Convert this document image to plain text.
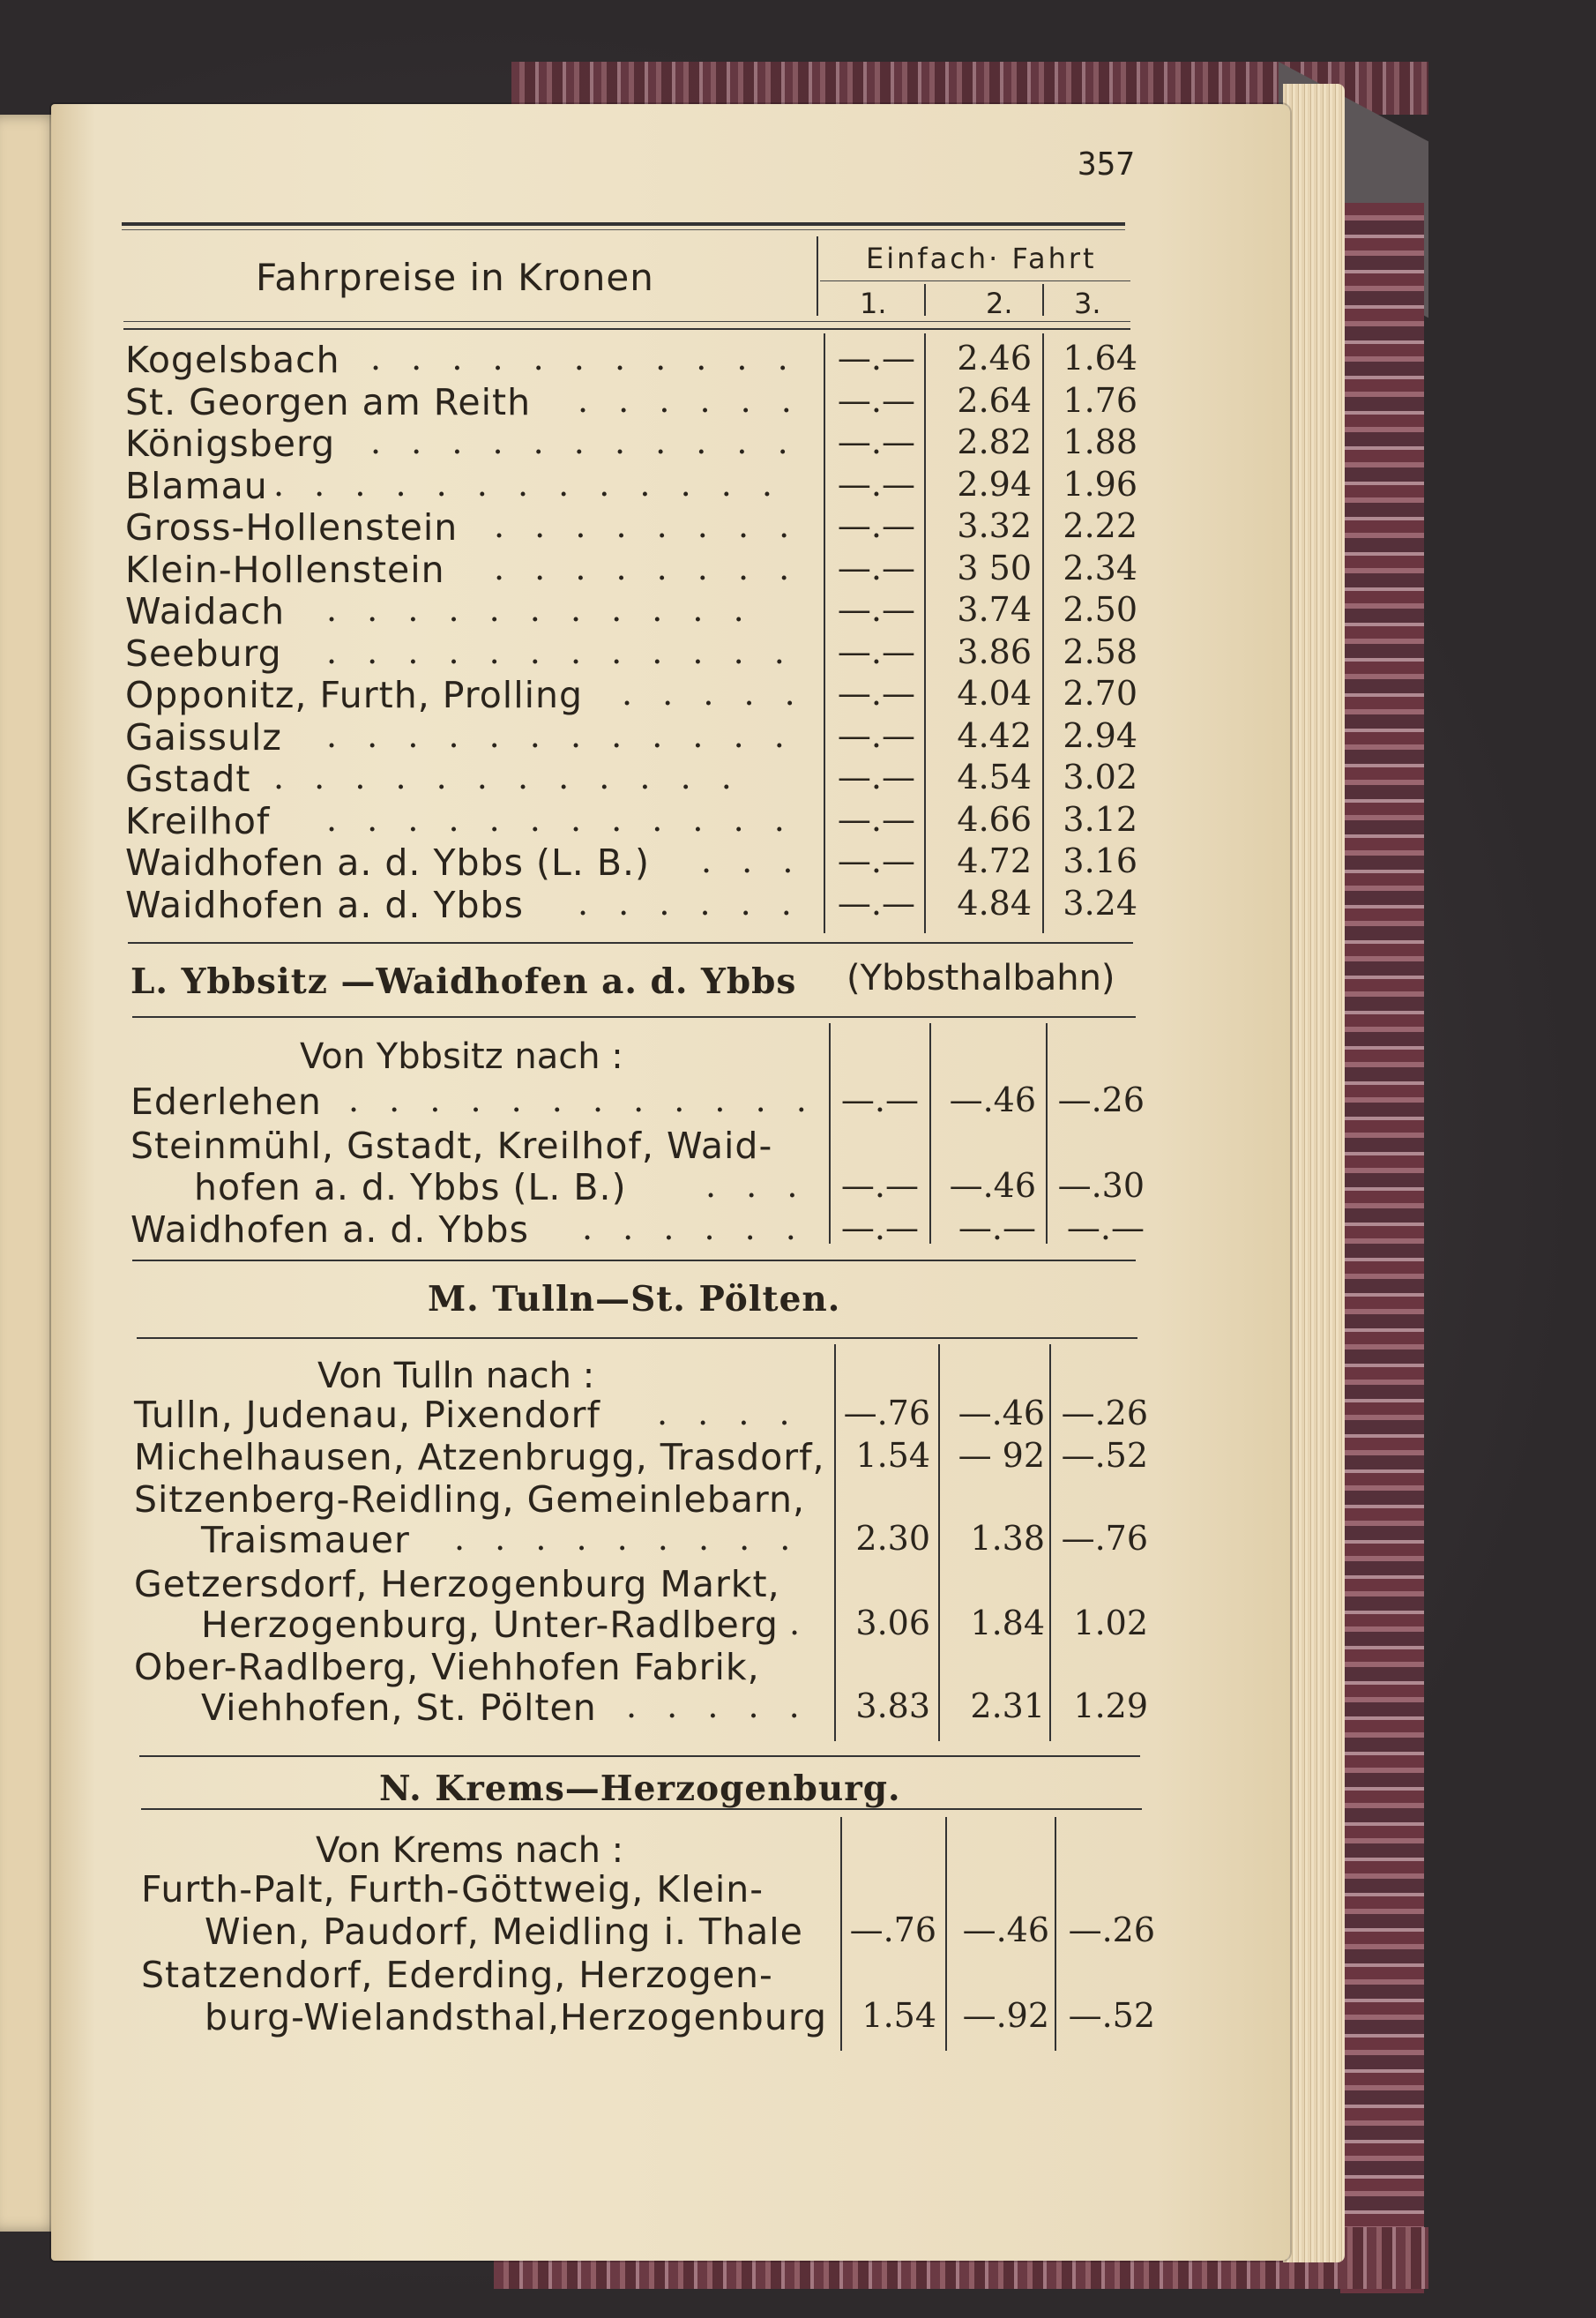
357
Fahrpreise in Kronen	Einfach· Fahrt
1.	2. 3.
Kogelsbach . . . . . . . . . . .	—.—	2.46 1.64
St. Georgen am Reith . . . . . .	—.—	2.64 1.76
Königsberg . . . . . . . . . . .	—.—	2.82 1.88
Blamau . . . . . . . . . . . . .	—.—	2.94 1.96
Gross-Hollenstein . . . . . . . .	—.—	3.32 2.22
Klein-Hollenstein . . . . . . . .	—.—	3 50 2.34
Waidach . . . . . . . . . . .	—.—	3.74 2.50
Seeburg . . . . . . . . . . . .	—.—	3.86 2.58
Opponitz, Furth, Prolling . . . . . —.—	4.04 2.70
Gaissulz . . . . . . . . . . . .	—.—	4.42 2.94
Gstadt . . . . . . . . . . . .	—.—	4.54 3.02
Kreilhof . . . . . . . . . . . .	—.—	4.66 3.12
Waidhofen a. d. Ybbs (L. B.) . . .	—.—	4.72 3.16
Waidhofen a. d. Ybbs . . . . . .	—.—	4.84 3.24
L. Ybbsitz —Waidhofen a. d. Ybbs (Ybbsthalbahn)
Von Ybbsitz nach :
Ederlehen . . . . . . . . . . . . —.— —.46 —.26
Steinmühl, Gstadt, Kreilhof, Waid-
hofen a. d. Ybbs (L. B.) . . .	—.— —.46 —.30
Waidhofen a. d. Ybbs . . . . . .	—.—	—.— —.—
M. Tulln—St. Pölten.
Von Tulln nach :
Tulln, Judenau, Pixendorf . . . . —.76 —.46 —.26
Michelhausen, Atzenbrugg, Trasdorf, 1.54 — 92 —.52
Sitzenberg-Reidling, Gemeinlebarn,
Traismauer . . . . . . . . .	2.30	1.38 —.76
Getzersdorf, Herzogenburg Markt,
Herzogenburg, Unter-Radlberg .	3.06	1.84 1.02
Ober-Radlberg, Viehhofen Fabrik,
Viehhofen, St. Pölten . . . . .	3.83	2.31 1.29
N. Krems—Herzogenburg.
Von Krems nach :
Furth-Palt, Furth-Göttweig, Klein-
Wien, Paudorf, Meidling i. Thale —.76 —.46 —.26
Statzendorf, Ederding, Herzogen-
burg-Wielandsthal,Herzogenburg	1.54 —.92 —.52
